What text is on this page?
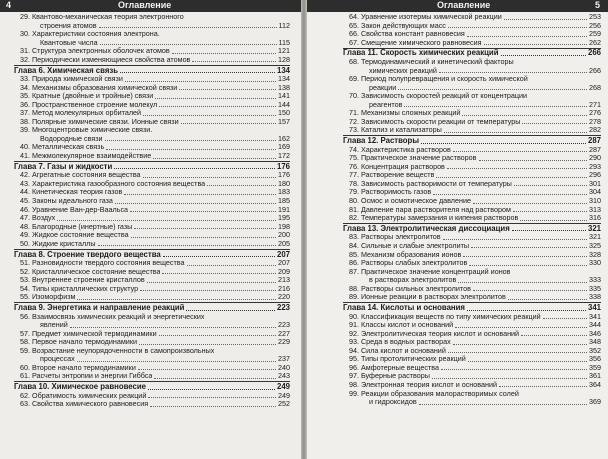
4	Оглавление
29. Квантово-механическая теория электронного
строения атомов	112
30. Характеристики состояния электрона.
Квантовые числа	115
31. Структура электронных оболочек атомов	121
32. Периодически изменяющиеся свойства атомов	128
Глава 6. Химическая связь	134
33. Природа химической связи	134
34. Механизмы образования химической связи	138
35. Кратные (двойные и тройные) связи	141
36. Пространственное строение молекул	144
37. Метод молекулярных орбиталей	150
38. Полярные химические связи. Ионные связи	157
39. Многоцентровые химические связи.
Водородные связи	162
40. Металлическая связь	169
41. Межмолекулярное взаимодействие	172
Глава 7. Газы и жидкости	176
42. Агрегатные состояния вещества	176
43. Характеристика газообразного состояния вещества	180
44. Кинетическая теория газов	183
45. Законы идеального газа	185
46. Уравнение Ван-дер-Ваальса	191
47. Воздух	195
48. Благородные (инертные) газы	198
49. Жидкое состояние вещества	200
50. Жидкие кристаллы	205
Глава 8. Строение твердого вещества	207
51. Разновидности твердого состояния вещества	207
52. Кристаллическое состояние вещества	209
53. Внутреннее строение кристаллов	213
54. Типы кристаллических структур	216
55. Изоморфизм	220
Глава 9. Энергетика и направление реакций	223
56. Взаимосвязь химических реакций и энергетических
явлений	223
57. Предмет химической термодинамики	227
58. Первое начало термодинамики	229
59. Возрастание неупорядоченности в самопроизвольных
процессах	237
60. Второе начало термодинамики	240
61. Расчеты энтропии и энергии Гиббса	243
Глава 10. Химическое равновесие	249
62. Обратимость химических реакций	249
63. Свойства химического равновесия	252
Оглавление	5
64. Уравнение изотермы химической реакции	253
65. Закон действующих масс	256
66. Свойства констант равновесия	259
67. Смещение химического равновесия	262
Глава 11. Скорость химических реакций	266
68. Термодинамический и кинетический факторы
химических реакций	266
69. Период полупревращения и скорость химической
реакции	268
70. Зависимость скоростей реакций от концентрации
реагентов	271
71. Механизмы сложных реакций	276
72. Зависимость скорости реакции от температуры	278
73. Катализ и катализаторы	282
Глава 12. Растворы	287
74. Характеристика растворов	287
75. Практическое значение растворов	290
76. Концентрация растворов	293
77. Растворение веществ	296
78. Зависимость растворимости от температуры	301
79. Растворимость газов	304
80. Осмос и осмотическое давление	310
81. Давление пара растворителя над раствором	313
82. Температуры замерзания и кипения растворов	316
Глава 13. Электролитическая диссоциация	321
83. Растворы электролитов	321
84. Сильные и слабые электролиты	325
85. Механизм образования ионов	328
86. Растворы слабых электролитов	330
87. Практическое значение концентраций ионов
в растворах электролитов	333
88. Растворы сильных электролитов	335
89. Ионные реакции в растворах электролитов	338
Глава 14. Кислоты и основания	341
90. Классификация веществ по типу химических реакций	341
91. Классы кислот и оснований	344
92. Электролитическая теория кислот и оснований	346
93. Среда в водных растворах	348
94. Сила кислот и оснований	352
95. Типы протолитических реакций	356
96. Амфотерные вещества	359
97. Буферные растворы	361
98. Электронная теория кислот и оснований	364
99. Реакции образования малорастворимых солей
и гидроксидов	369
